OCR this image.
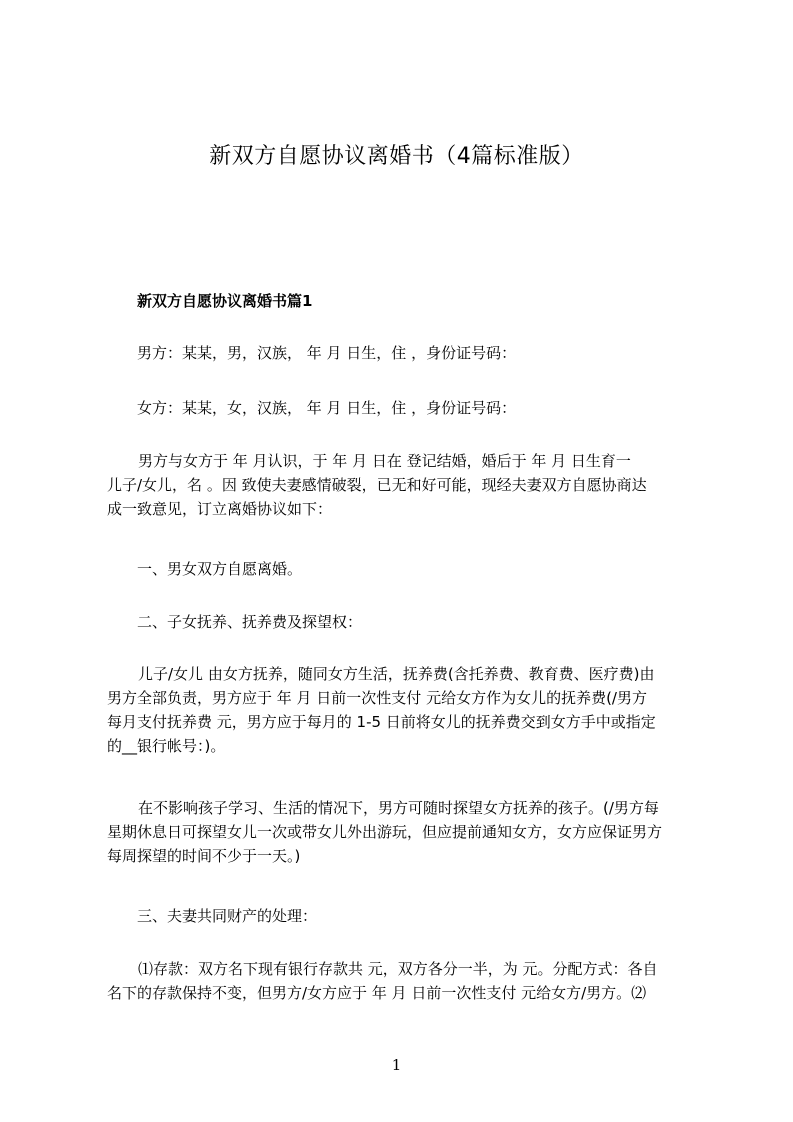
新双方自愿协议离婚书（4篇标准版）
新双方自愿协议离婚书篇1
男方：某某，男，汉族， 年 月 日生，住 ，身份证号码：
女方：某某，女，汉族， 年 月 日生，住 ，身份证号码：
男方与女方于 年 月认识，于 年 月 日在 登记结婚，婚后于 年 月 日生育一
儿子/女儿，名 。因 致使夫妻感情破裂，已无和好可能，现经夫妻双方自愿协商达
成一致意见，订立离婚协议如下：
一、男女双方自愿离婚。
二、子女抚养、抚养费及探望权：
儿子/女儿 由女方抚养，随同女方生活，抚养费(含托养费、教育费、医疗费)由
男方全部负责，男方应于 年 月 日前一次性支付 元给女方作为女儿的抚养费(/男方
每月支付抚养费 元，男方应于每月的 1-5 日前将女儿的抚养费交到女方手中或指定
的__银行帐号：)。
在不影响孩子学习、生活的情况下，男方可随时探望女方抚养的孩子。(/男方每
星期休息日可探望女儿一次或带女儿外出游玩，但应提前通知女方，女方应保证男方
每周探望的时间不少于一天。)
三、夫妻共同财产的处理：
⑴存款：双方名下现有银行存款共 元，双方各分一半，为 元。分配方式：各自
名下的存款保持不变，但男方/女方应于 年 月 日前一次性支付 元给女方/男方。⑵
1
